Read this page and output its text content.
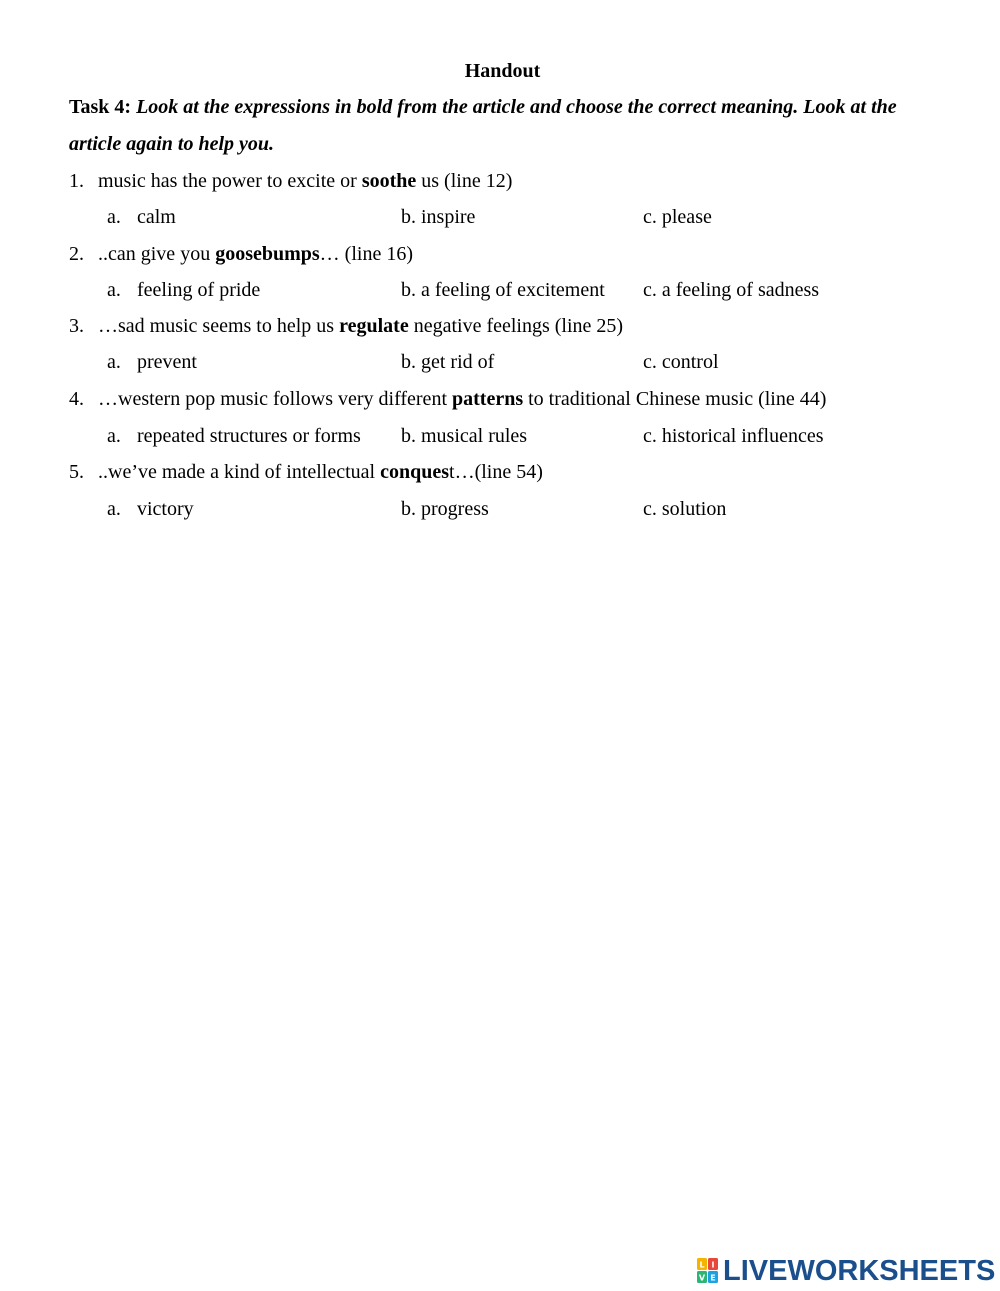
Handout
Task 4: Look at the expressions in bold from the article and choose the correct meaning. Look at the article again to help you.
1. music has the power to excite or soothe us (line 12)
a. calm	b. inspire	c. please
2. ..can give you goosebumps… (line 16)
a. feeling of pride	b. a feeling of excitement c. a feeling of sadness
3. …sad music seems to help us regulate negative feelings (line 25)
a. prevent	b. get rid of	c. control
4. …western pop music follows very different patterns to traditional Chinese music (line 44)
a. repeated structures or forms b. musical rules	c. historical influences
5. ..we’ve made a kind of intellectual conquest…(line 54)
a. victory	b. progress	c. solution
L I
V E LIVEWORKSHEETS
